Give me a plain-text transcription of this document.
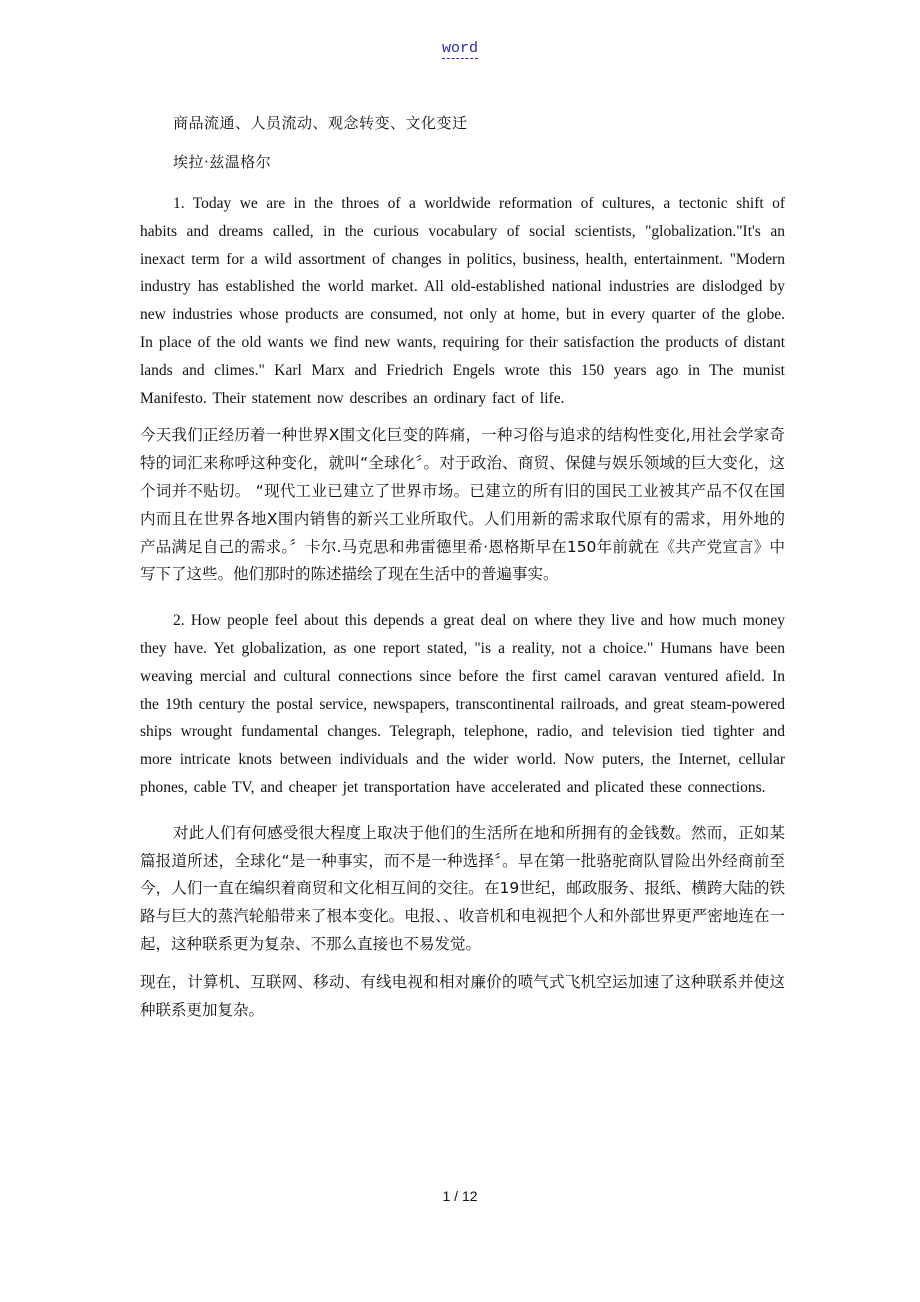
word

商品流通、人员流动、观念转变、文化变迁

埃拉·兹温格尔

1. Today we are in the throes of a worldwide reformation of cultures, a tectonic shift of habits and dreams called, in the curious vocabulary of social scientists, "globalization."It's an inexact term for a wild assortment of changes in politics, business, health, entertainment. "Modern industry has established the world market. All old-established national industries are dislodged by new industries whose products are consumed, not only at home, but in every quarter of the globe. In place of the old wants we find new wants, requiring for their satisfaction the products of distant lands and climes." Karl Marx and Friedrich Engels wrote this 150 years ago in The munist Manifesto. Their statement now describes an ordinary fact of life.

今天我们正经历着一种世界X围文化巨变的阵痛，一种习俗与追求的结构性变化,用社会学家奇特的词汇来称呼这种变化，就叫“全球化〞。对于政治、商贸、保健与娱乐领域的巨大变化，这个词并不贴切。 “现代工业已建立了世界市场。已建立的所有旧的国民工业被其产品不仅在国内而且在世界各地X围内销售的新兴工业所取代。人们用新的需求取代原有的需求，用外地的产品满足自己的需求。〞卡尔.马克思和弗雷德里希·恩格斯早在150年前就在《共产党宣言》中写下了这些。他们那时的陈述描绘了现在生活中的普遍事实。

2. How people feel about this depends a great deal on where they live and how much money they have. Yet globalization, as one report stated, "is a reality, not a choice." Humans have been weaving mercial and cultural connections since before the first camel caravan ventured afield. In the 19th century the postal service, newspapers, transcontinental railroads, and great steam-powered ships wrought fundamental changes. Telegraph, telephone, radio, and television tied tighter and more intricate knots between individuals and the wider world. Now puters, the Internet, cellular phones, cable TV, and cheaper jet transportation have accelerated and plicated these connections.

对此人们有何感受很大程度上取决于他们的生活所在地和所拥有的金钱数。然而，正如某篇报道所述，全球化“是一种事实，而不是一种选择〞。早在第一批骆驼商队冒险出外经商前至今，人们一直在编织着商贸和文化相互间的交往。在19世纪，邮政服务、报纸、横跨大陆的铁路与巨大的蒸汽轮船带来了根本变化。电报、、收音机和电视把个人和外部世界更严密地连在一起，这种联系更为复杂、不那么直接也不易发觉。

现在，计算机、互联网、移动、有线电视和相对廉价的喷气式飞机空运加速了这种联系并使这种联系更加复杂。

1 / 12
